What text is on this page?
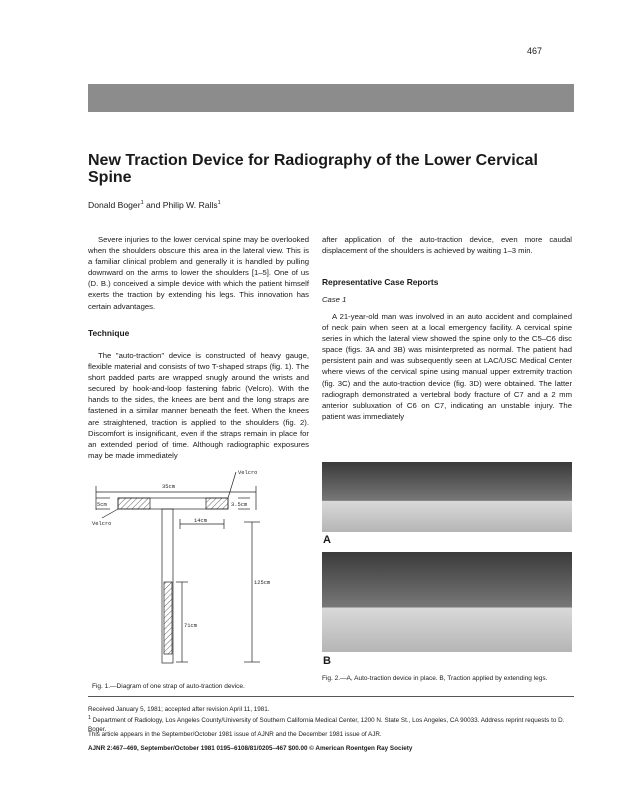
467
New Traction Device for Radiography of the Lower Cervical Spine
Donald Boger$^1$ and Philip W. Ralls$^1$

Severe injuries to the lower cervical spine may be overlooked when the shoulders obscure this area in the lateral view. This is a familiar clinical problem and generally it is handled by pulling downward on the arms to lower the shoulders [1–5]. One of us (D. B.) conceived a simple device with which the patient himself exerts the traction by extending his legs. This innovation has certain advantages.

Technique

The ''auto-traction'' device is constructed of heavy gauge, flexible material and consists of two T-shaped straps (fig. 1). The short padded parts are wrapped snugly around the wrists and secured by hook-and-loop fastening fabric (Velcro). With the hands to the sides, the knees are bent and the long straps are fastened in a similar manner beneath the feet. When the knees are straightened, traction is applied to the shoulders (fig. 2). Discomfort is insignificant, even if the straps remain in place for an extended period of time. Although radiographic exposures may be made immediately

after application of the auto-traction device, even more caudal displacement of the shoulders is achieved by waiting 1–3 min.

Representative Case Reports
Case 1

A 21-year-old man was involved in an auto accident and complained of neck pain when seen at a local emergency facility. A cervical spine series in which the lateral view showed the spine only to the C5–C6 disc space (figs. 3A and 3B) was misinterpreted as normal. The patient had persistent pain and was subsequently seen at LAC/USC Medical Center where views of the cervical spine using manual upper extremity traction (fig. 3C) and the auto-traction device (fig. 3D) were obtained. The latter radiograph demonstrated a vertebral body fracture of C7 and a 2 mm anterior subluxation of C6 on C7, indicating an unstable injury. The patient was immediately

Velcro
35cm
5cm	3.5cm
14cm
Velcro
125cm
71cm
Fig. 1.—Diagram of one strap of auto-traction device.
A
B
Fig. 2.—A, Auto-traction device in place. B, Traction applied by extending legs.
Received January 5, 1981; accepted after revision April 11, 1981.
$^1$ Department of Radiology, Los Angeles County/University of Southern California Medical Center, 1200 N. State St., Los Angeles, CA 90033. Address reprint requests to D. Boger.
This article appears in the September/October 1981 issue of AJNR and the December 1981 issue of AJR.
AJNR 2:467–469, September/October 1981 0195–6108/81/0205–467 $00.00 © American Roentgen Ray Society
